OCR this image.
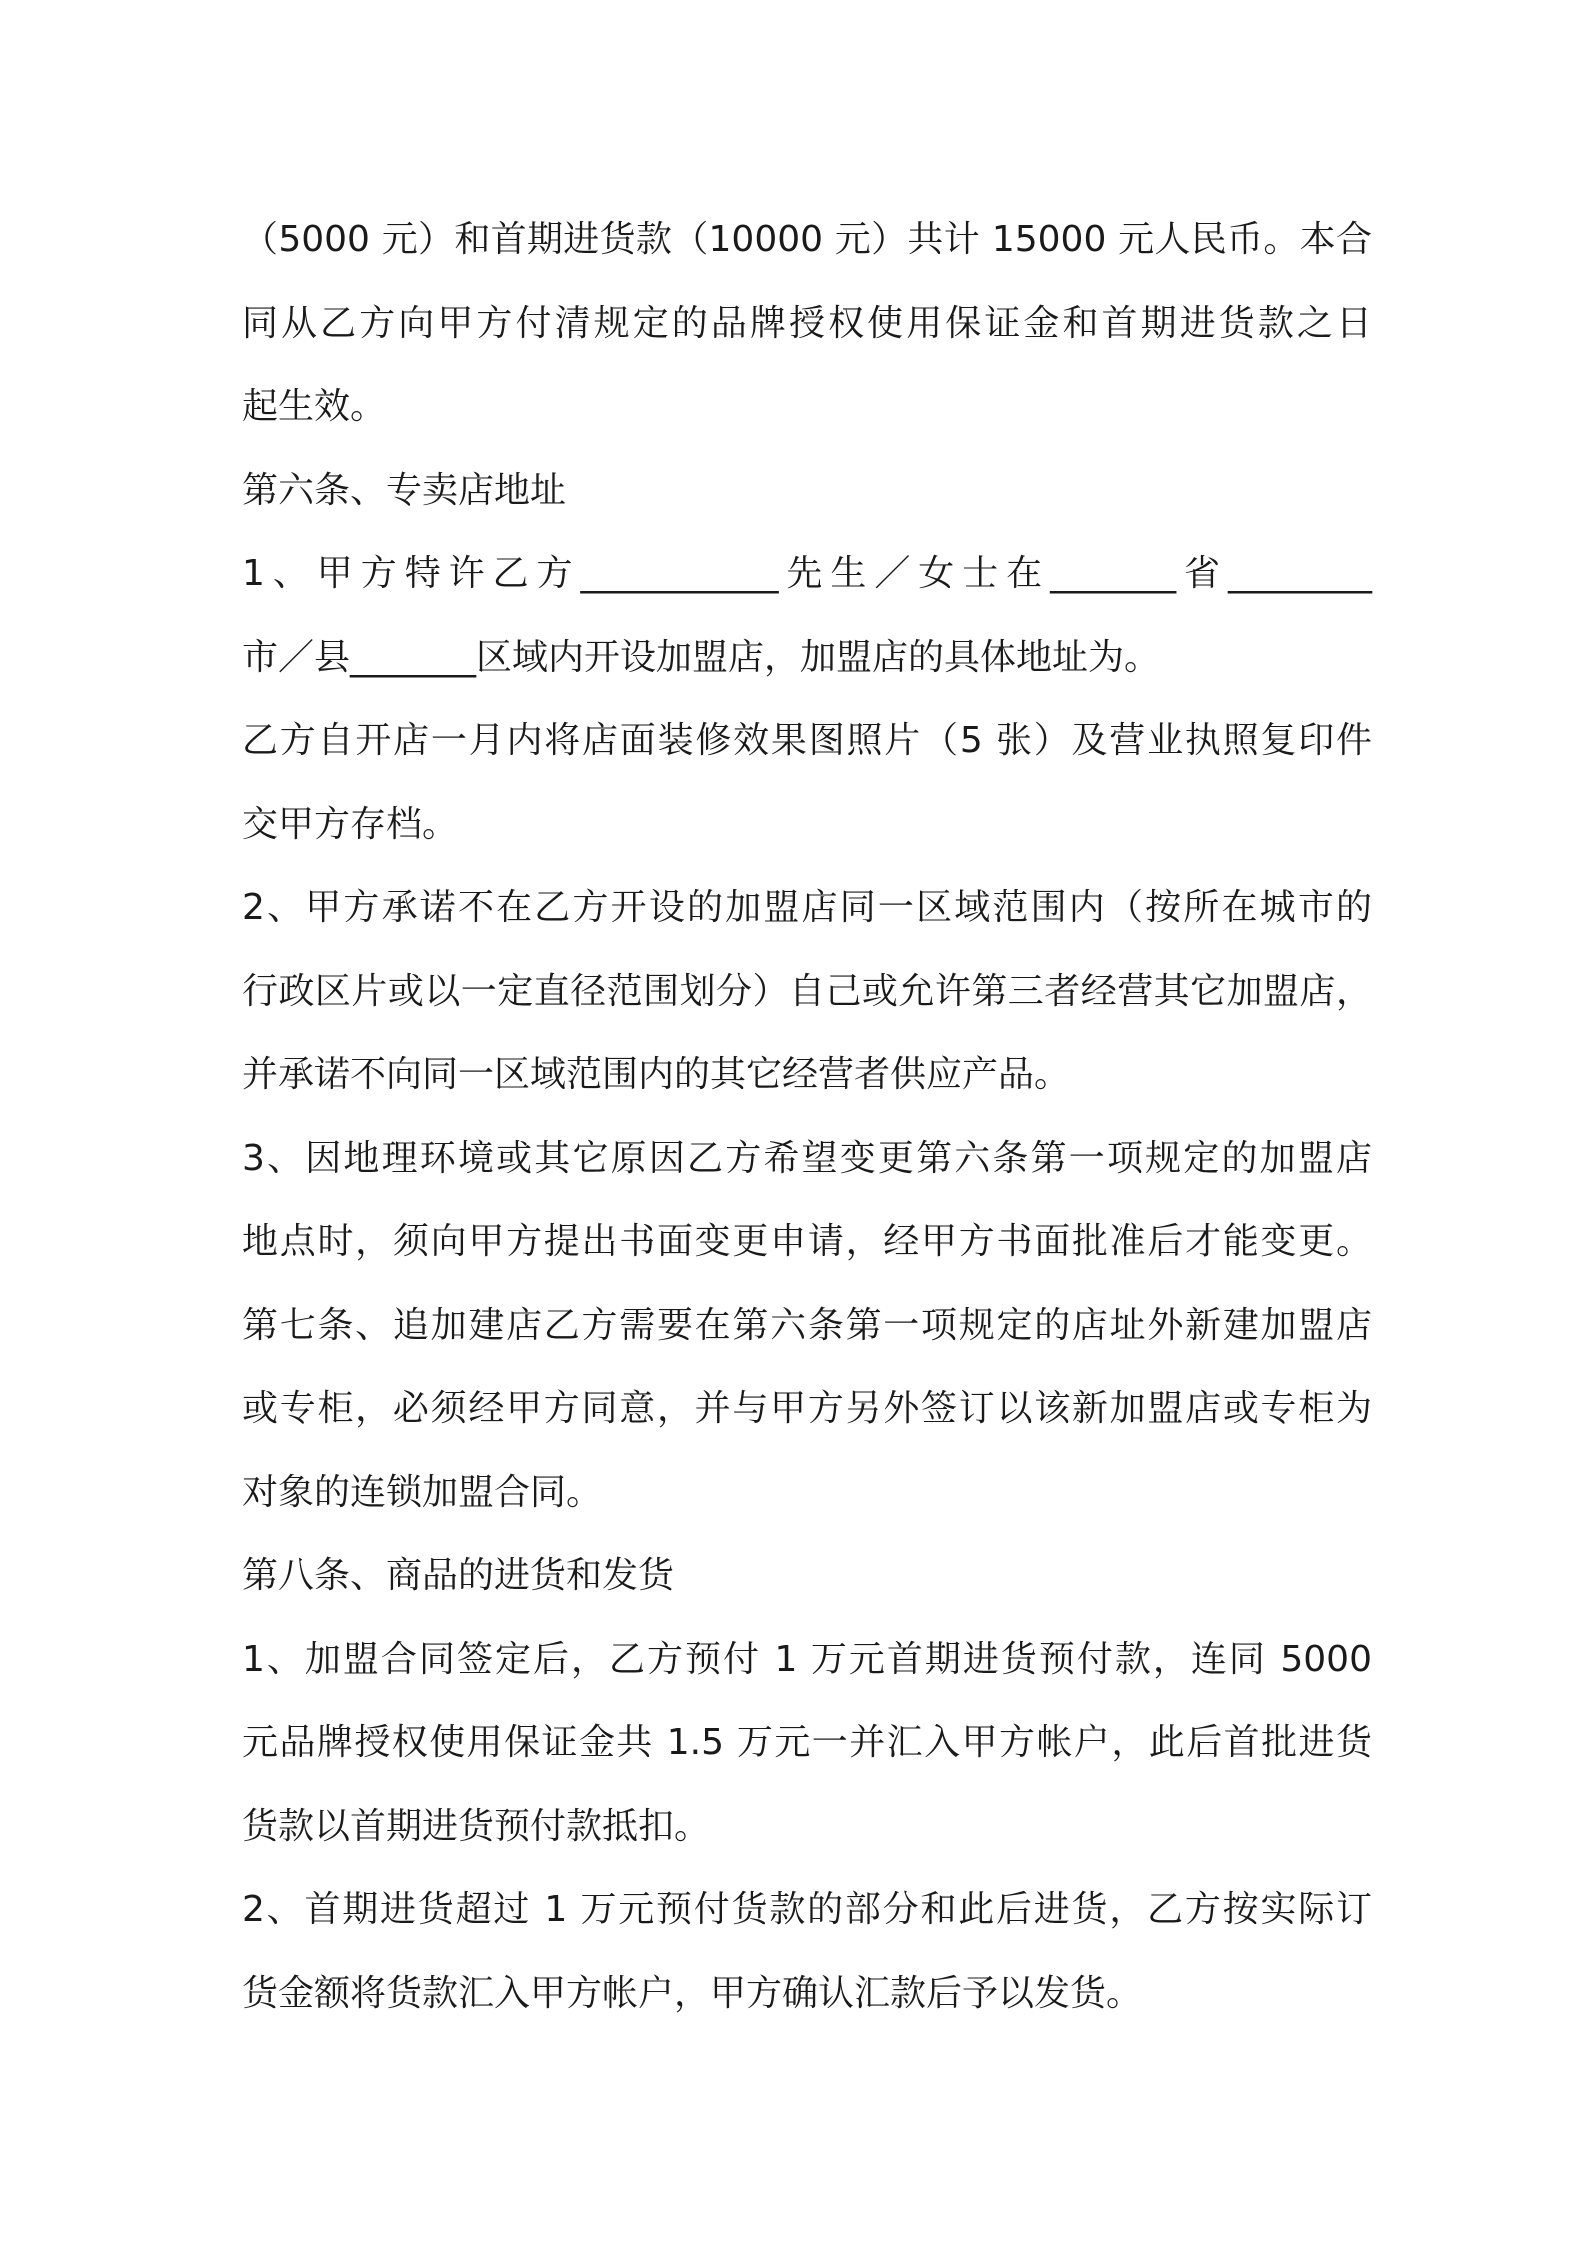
（5000 元）和首期进货款（10000 元）共计 15000 元人民币。本合
同从乙方向甲方付清规定的品牌授权使用保证金和首期进货款之日
起生效。
第六条、专卖店地址
1、甲方特许乙方___________先生／女士在_______省________
市／县_______区域内开设加盟店，加盟店的具体地址为。
乙方自开店一月内将店面装修效果图照片（5 张）及营业执照复印件
交甲方存档。
2、甲方承诺不在乙方开设的加盟店同一区域范围内（按所在城市的
行政区片或以一定直径范围划分）自己或允许第三者经营其它加盟店，
并承诺不向同一区域范围内的其它经营者供应产品。
3、因地理环境或其它原因乙方希望变更第六条第一项规定的加盟店
地点时，须向甲方提出书面变更申请，经甲方书面批准后才能变更。
第七条、追加建店乙方需要在第六条第一项规定的店址外新建加盟店
或专柜，必须经甲方同意，并与甲方另外签订以该新加盟店或专柜为
对象的连锁加盟合同。
第八条、商品的进货和发货
1、加盟合同签定后，乙方预付 1 万元首期进货预付款，连同 5000
元品牌授权使用保证金共 1.5 万元一并汇入甲方帐户，此后首批进货
货款以首期进货预付款抵扣。
2、首期进货超过 1 万元预付货款的部分和此后进货，乙方按实际订
货金额将货款汇入甲方帐户，甲方确认汇款后予以发货。
